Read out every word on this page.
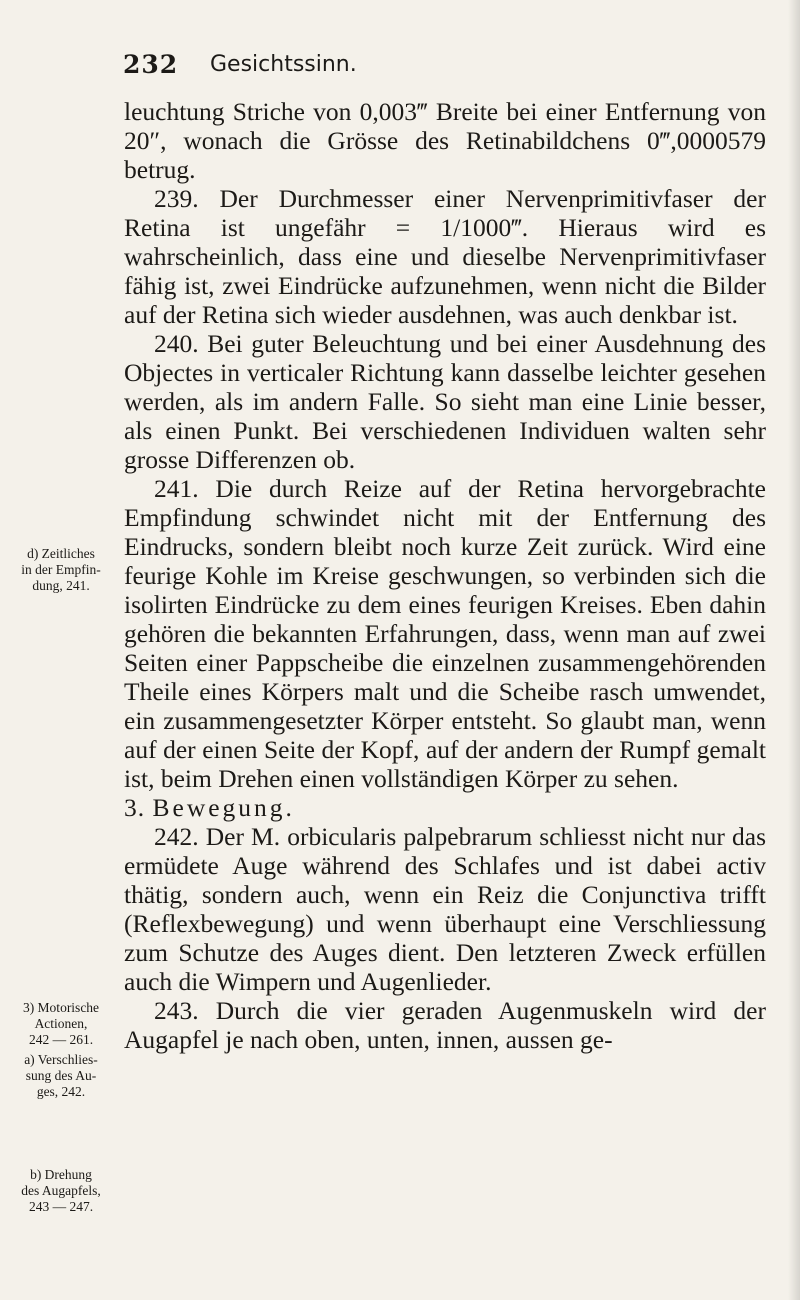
232 Gesichtssinn.

leuchtung Striche von 0,003‴ Breite bei einer Entfernung von 20″, wonach die Grösse des Retinabildchens 0‴,0000579 betrug.

239. Der Durchmesser einer Nervenprimitivfaser der Retina ist ungefähr = 1/1000‴. Hieraus wird es wahrscheinlich, dass eine und dieselbe Nervenprimitivfaser fähig ist, zwei Eindrücke aufzunehmen, wenn nicht die Bilder auf der Retina sich wieder ausdehnen, was auch denkbar ist.

240. Bei guter Beleuchtung und bei einer Ausdehnung des Objectes in verticaler Richtung kann dasselbe leichter gesehen werden, als im andern Falle. So sieht man eine Linie besser, als einen Punkt. Bei verschiedenen Individuen walten sehr grosse Differenzen ob.

241. Die durch Reize auf der Retina hervorgebrachte Empfindung schwindet nicht mit der Entfernung des Eindrucks, sondern bleibt noch kurze Zeit zurück. Wird eine feurige Kohle im Kreise geschwungen, so verbinden sich die isolirten Eindrücke zu dem eines feurigen Kreises. Eben dahin gehören die bekannten Erfahrungen, dass, wenn man auf zwei Seiten einer Pappscheibe die einzelnen zusammengehörenden Theile eines Körpers malt und die Scheibe rasch umwendet, ein zusammengesetzter Körper entsteht. So glaubt man, wenn auf der einen Seite der Kopf, auf der andern der Rumpf gemalt ist, beim Drehen einen vollständigen Körper zu sehen.

3. Bewegung.

242. Der M. orbicularis palpebrarum schliesst nicht nur das ermüdete Auge während des Schlafes und ist dabei activ thätig, sondern auch, wenn ein Reiz die Conjunctiva trifft (Reflexbewegung) und wenn überhaupt eine Verschliessung zum Schutze des Auges dient. Den letzteren Zweck erfüllen auch die Wimpern und Augenlieder.

243. Durch die vier geraden Augenmuskeln wird der Augapfel je nach oben, unten, innen, aussen ge-

d) Zeitliches
in der Empfin-
dung, 241.
3) Motorische
Actionen,
242 — 261.
a) Verschlies-
sung des Au-
ges, 242.
b) Drehung
des Augapfels,
243 — 247.
